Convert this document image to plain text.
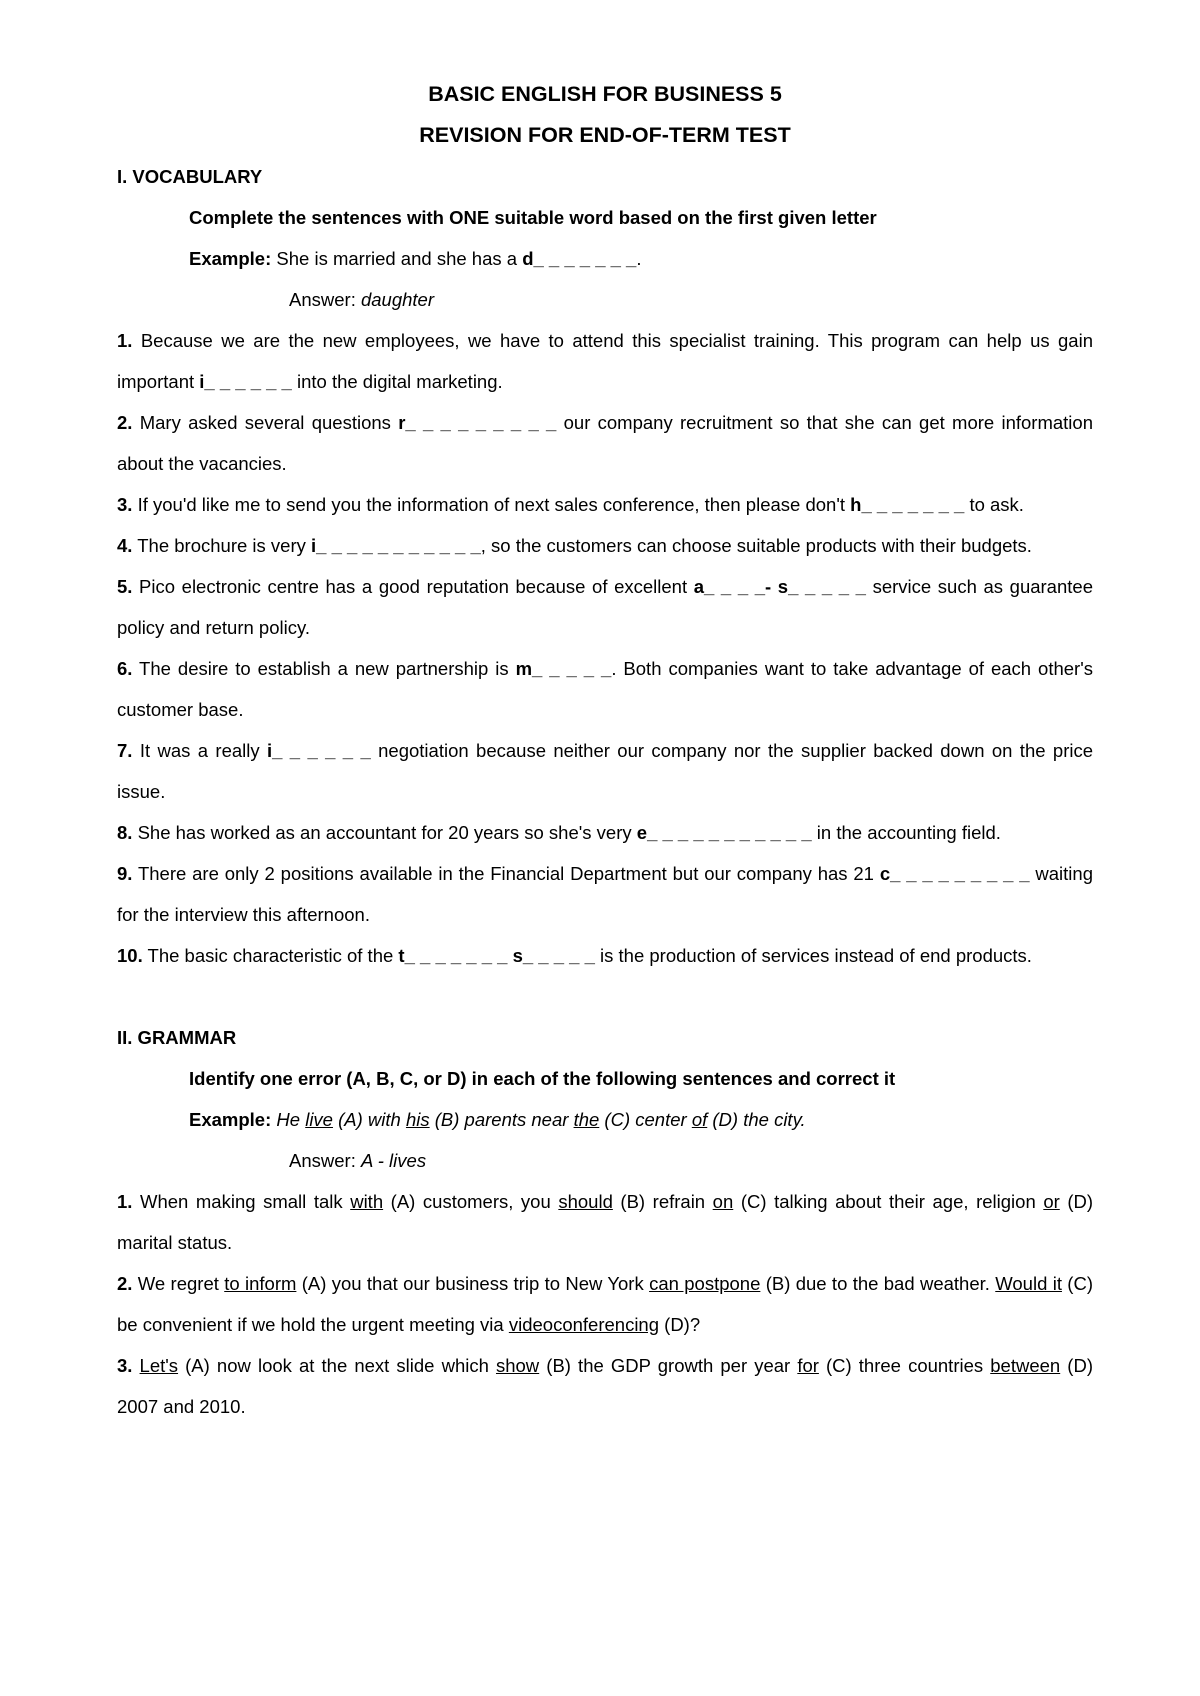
BASIC ENGLISH FOR BUSINESS 5

REVISION FOR END-OF-TERM TEST

I. VOCABULARY
Complete the sentences with ONE suitable word based on the first given letter
Example: She is married and she has a d_ _ _ _ _ _ _.
Answer: daughter

1. Because we are the new employees, we have to attend this specialist training. This program can help us gain important i_ _ _ _ _ _ into the digital marketing.

2. Mary asked several questions r_ _ _ _ _ _ _ _ _ our company recruitment so that she can get more information about the vacancies.

3. If you'd like me to send you the information of next sales conference, then please don't h_ _ _ _ _ _ _ to ask.

4. The brochure is very i_ _ _ _ _ _ _ _ _ _ _, so the customers can choose suitable products with their budgets.

5. Pico electronic centre has a good reputation because of excellent a_ _ _ _- s_ _ _ _ _ service such as guarantee policy and return policy.

6. The desire to establish a new partnership is m_ _ _ _ _. Both companies want to take advantage of each other's customer base.

7. It was a really i_ _ _ _ _ _ negotiation because neither our company nor the supplier backed down on the price issue.

8. She has worked as an accountant for 20 years so she's very e_ _ _ _ _ _ _ _ _ _ _ in the accounting field.

9. There are only 2 positions available in the Financial Department but our company has 21 c_ _ _ _ _ _ _ _ _ waiting for the interview this afternoon.

10. The basic characteristic of the t_ _ _ _ _ _ _ s_ _ _ _ _ is the production of services instead of end products.

II. GRAMMAR
Identify one error (A, B, C, or D) in each of the following sentences and correct it
Example: He live (A) with his (B) parents near the (C) center of (D) the city.
Answer: A - lives

1. When making small talk with (A) customers, you should (B) refrain on (C) talking about their age, religion or (D) marital status.

2. We regret to inform (A) you that our business trip to New York can postpone (B) due to the bad weather. Would it (C) be convenient if we hold the urgent meeting via videoconferencing (D)?

3. Let's (A) now look at the next slide which show (B) the GDP growth per year for (C) three countries between (D) 2007 and 2010.
